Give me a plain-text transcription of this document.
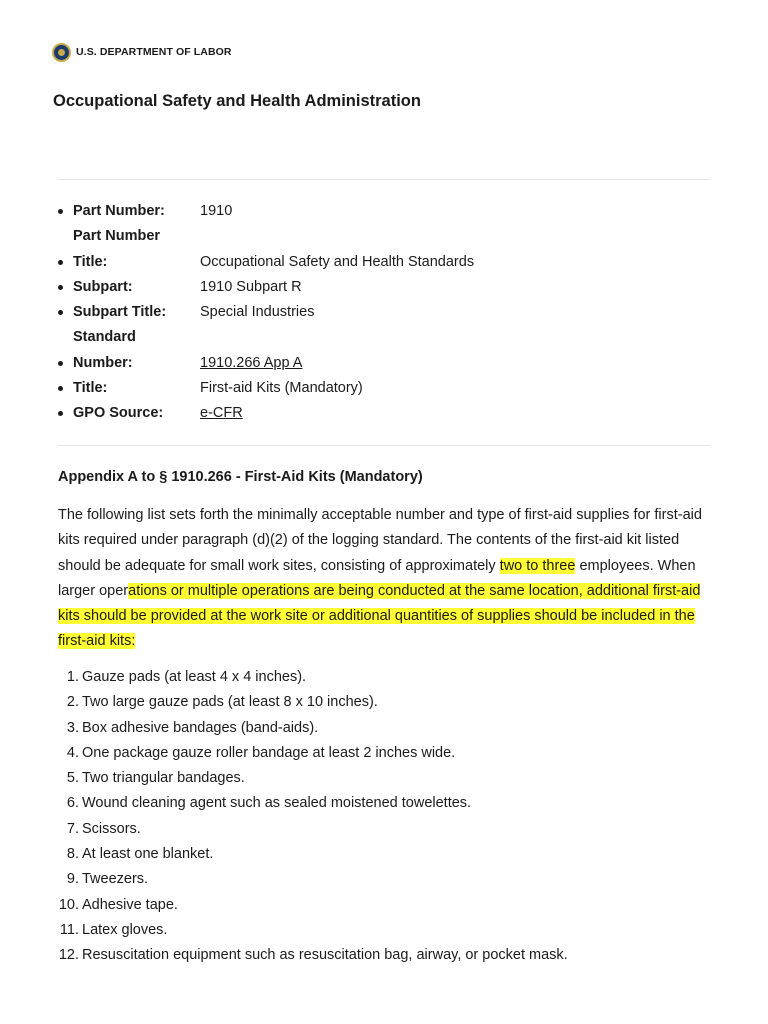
U.S. DEPARTMENT OF LABOR
Occupational Safety and Health Administration
Part Number: 1910
Part Number
Title:	Occupational Safety and Health Standards
Subpart:	1910 Subpart R
Subpart Title: Special Industries
Standard
Number:	1910.266 App A
Title:	First-aid Kits (Mandatory)
GPO Source:	e-CFR
Appendix A to § 1910.266 - First-Aid Kits (Mandatory)

The following list sets forth the minimally acceptable number and type of first-aid supplies for first-aid kits required under paragraph (d)(2) of the logging standard. The contents of the first-aid kit listed should be adequate for small work sites, consisting of approximately two to three employees. When larger operations or multiple operations are being conducted at the same location, additional first-aid kits should be provided at the work site or additional quantities of supplies should be included in the first-aid kits:

1. Gauze pads (at least 4 x 4 inches).
2. Two large gauze pads (at least 8 x 10 inches).
3. Box adhesive bandages (band-aids).
4. One package gauze roller bandage at least 2 inches wide.
5. Two triangular bandages.
6. Wound cleaning agent such as sealed moistened towelettes.
7. Scissors.
8. At least one blanket.
9. Tweezers.
10. Adhesive tape.
11. Latex gloves.
12. Resuscitation equipment such as resuscitation bag, airway, or pocket mask.
